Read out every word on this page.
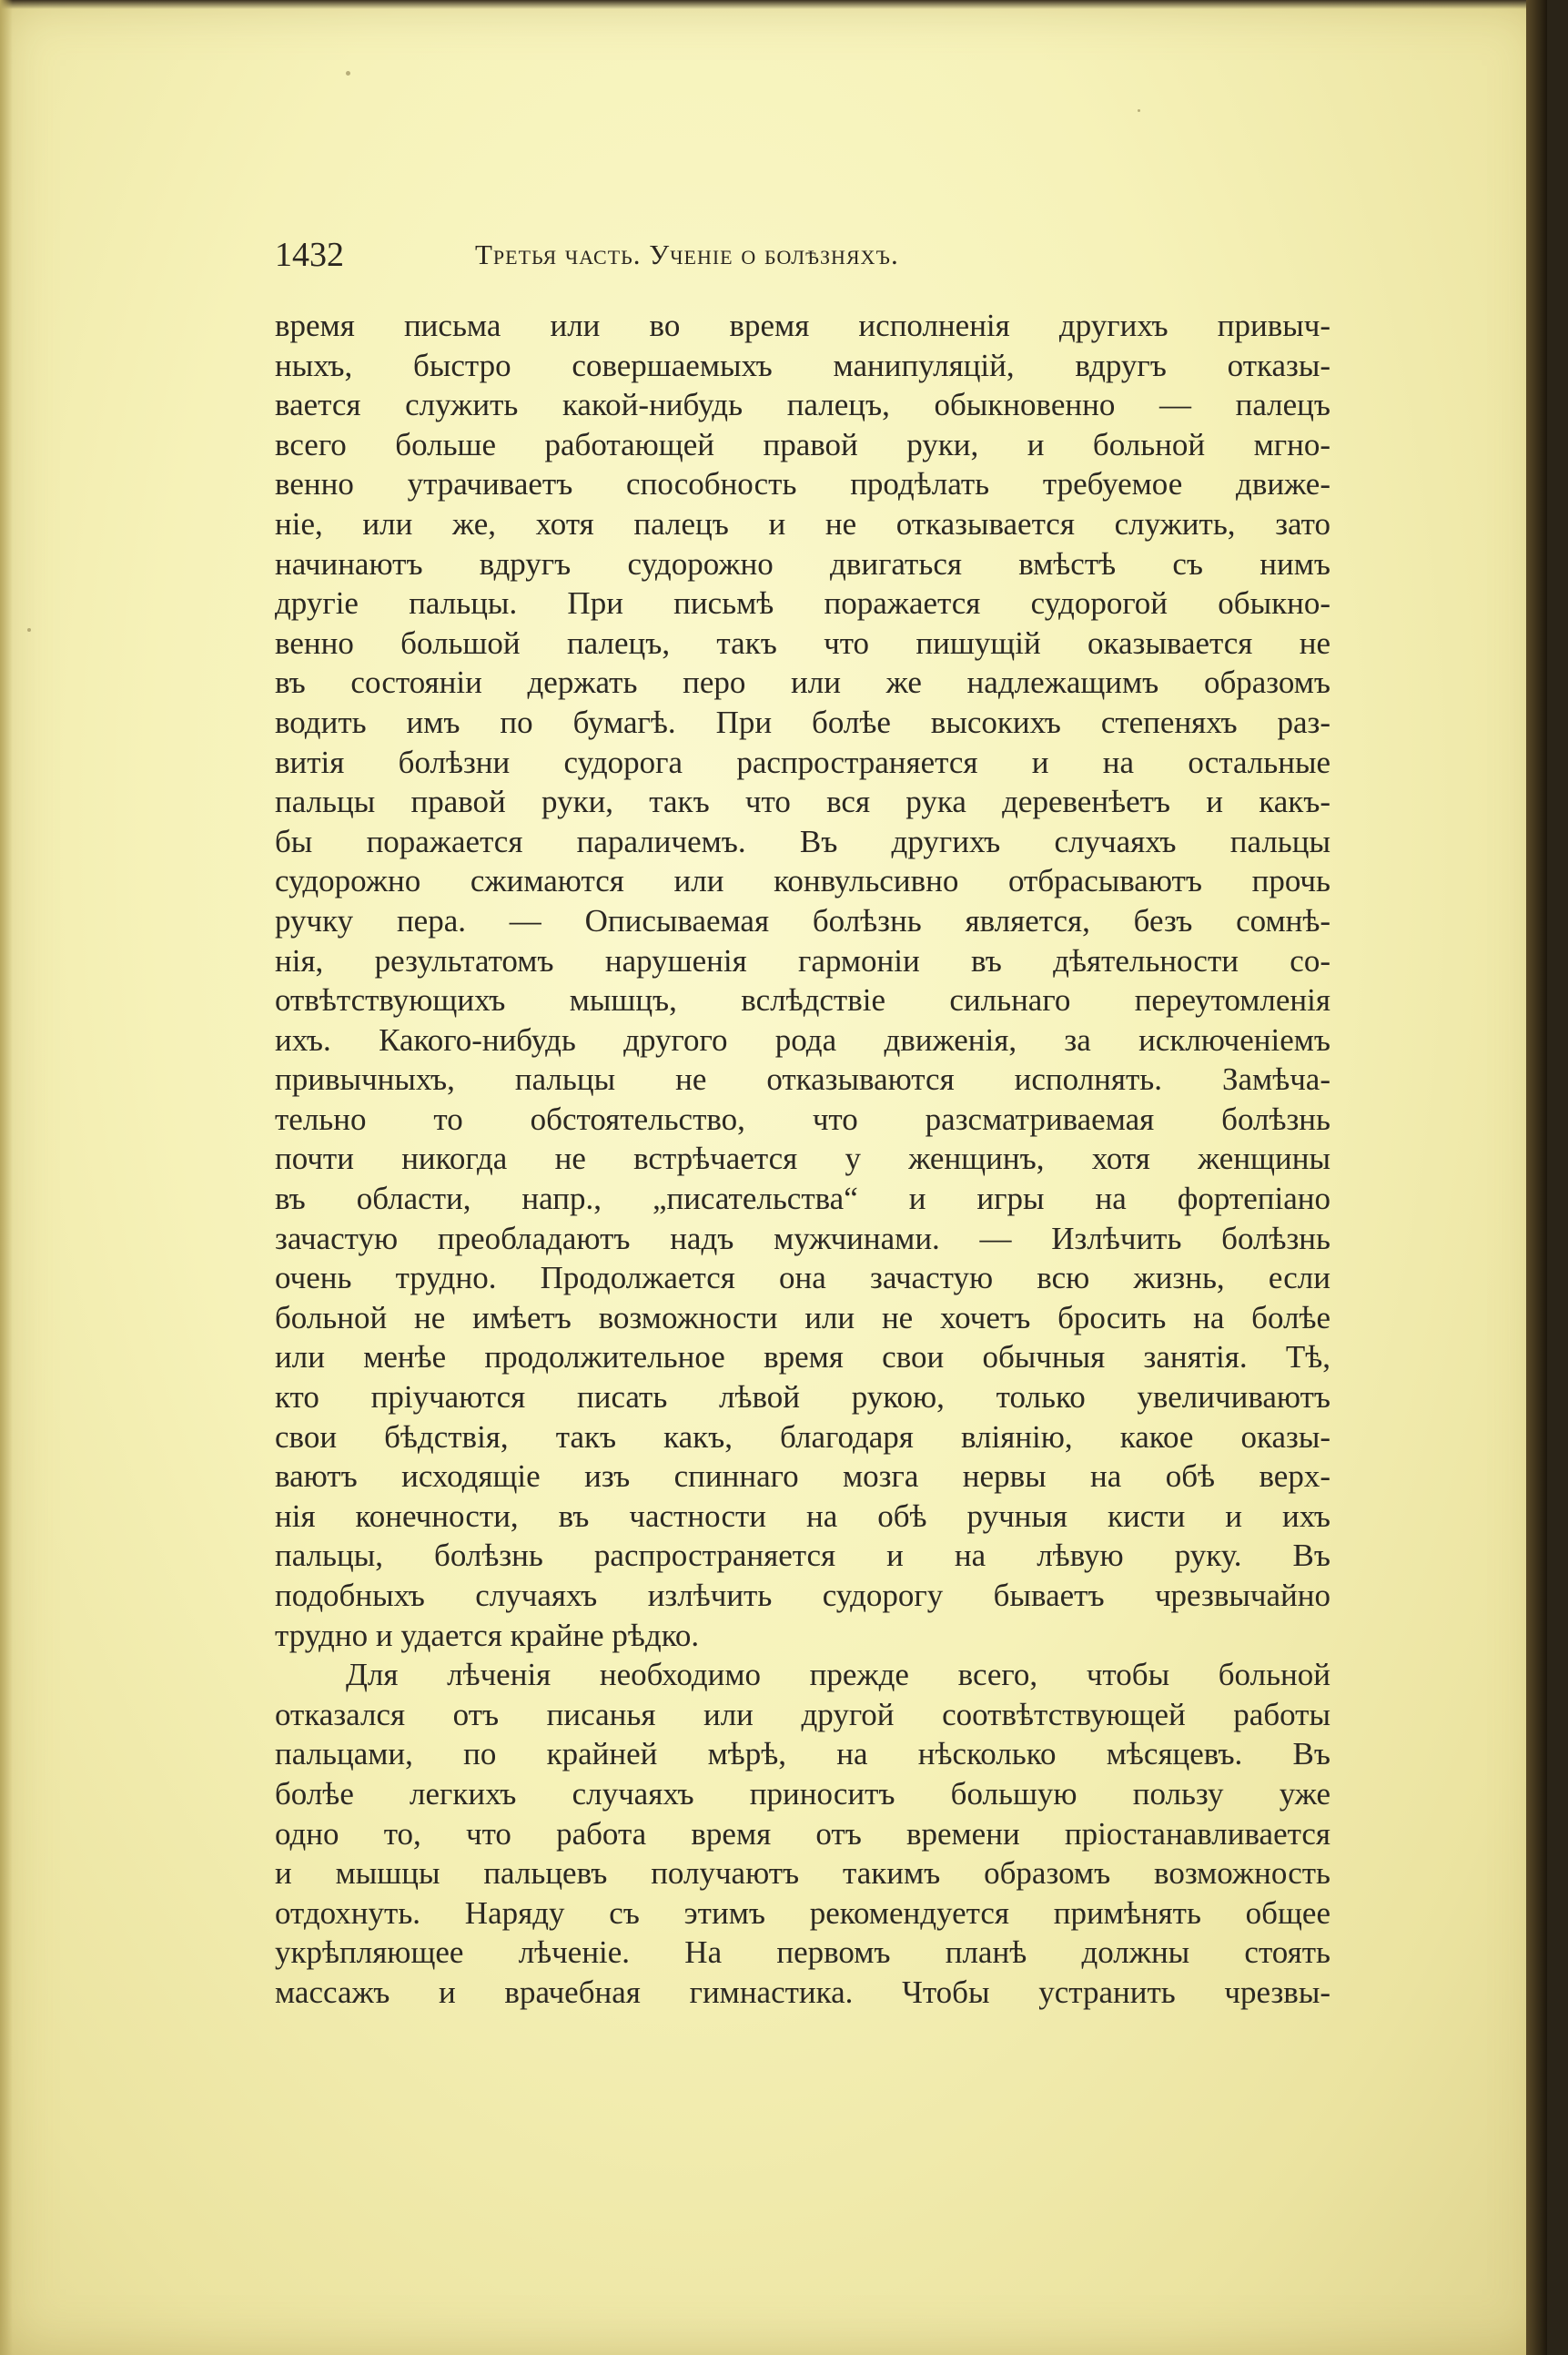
1432	Третья часть. Ученіе о болѣзняхъ.
время письма или во время исполненія другихъ привыч-
ныхъ, быстро совершаемыхъ манипуляцій, вдругъ отказы-
вается служить какой-нибудь палецъ, обыкновенно — палецъ
всего больше работающей правой руки, и больной мгно-
венно утрачиваетъ способность продѣлать требуемое движе-
ніе, или же, хотя палецъ и не отказывается служить, зато
начинаютъ вдругъ судорожно двигаться вмѣстѣ съ нимъ
другіе пальцы. При письмѣ поражается судорогой обыкно-
венно большой палецъ, такъ что пишущій оказывается не
въ состояніи держать перо или же надлежащимъ образомъ
водить имъ по бумагѣ. При болѣе высокихъ степеняхъ раз-
витія болѣзни судорога распространяется и на остальные
пальцы правой руки, такъ что вся рука деревенѣетъ и какъ-
бы поражается параличемъ. Въ другихъ случаяхъ пальцы
судорожно сжимаются или конвульсивно отбрасываютъ прочь
ручку пера. — Описываемая болѣзнь является, безъ сомнѣ-
нія, результатомъ нарушенія гармоніи въ дѣятельности со-
отвѣтствующихъ мышцъ, вслѣдствіе сильнаго переутомленія
ихъ. Какого-нибудь другого рода движенія, за исключеніемъ
привычныхъ, пальцы не отказываются исполнять. Замѣча-
тельно то обстоятельство, что разсматриваемая болѣзнь
почти никогда не встрѣчается у женщинъ, хотя женщины
въ области, напр., „писательства“ и игры на фортепіано
зачастую преобладаютъ надъ мужчинами. — Излѣчить болѣзнь
очень трудно. Продолжается она зачастую всю жизнь, если
больной не имѣетъ возможности или не хочетъ бросить на болѣе
или менѣе продолжительное время свои обычныя занятія. Тѣ,
кто пріучаются писать лѣвой рукою, только увеличиваютъ
свои бѣдствія, такъ какъ, благодаря вліянію, какое оказы-
ваютъ исходящіе изъ спиннаго мозга нервы на обѣ верх-
нія конечности, въ частности на обѣ ручныя кисти и ихъ
пальцы, болѣзнь распространяется и на лѣвую руку. Въ
подобныхъ случаяхъ излѣчить судорогу бываетъ чрезвычайно
трудно и удается крайне рѣдко.
Для лѣченія необходимо прежде всего, чтобы больной
отказался отъ писанья или другой соотвѣтствующей работы
пальцами, по крайней мѣрѣ, на нѣсколько мѣсяцевъ. Въ
болѣе легкихъ случаяхъ приноситъ большую пользу уже
одно то, что работа время отъ времени пріостанавливается
и мышцы пальцевъ получаютъ такимъ образомъ возможность
отдохнуть. Наряду съ этимъ рекомендуется примѣнять общее
укрѣпляющее лѣченіе. На первомъ планѣ должны стоять
массажъ и врачебная гимнастика. Чтобы устранить чрезвы-
